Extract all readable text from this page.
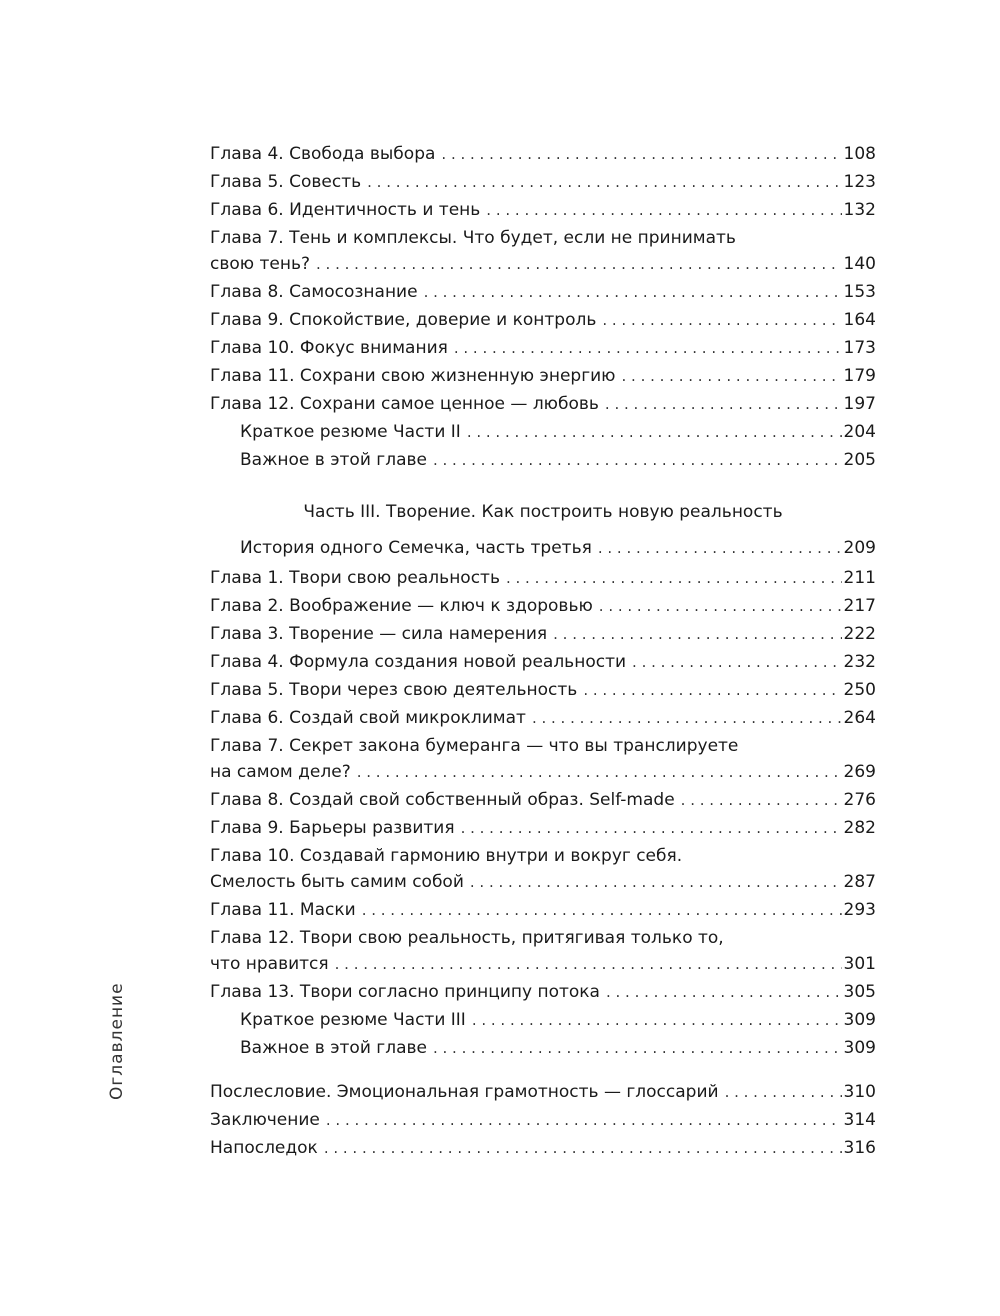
Часть III. Творение. Как построить новую реальность
Глава 4. Свобода выбора . . .	108
Глава 5. Совесть . . .	123
Глава 6. Идентичность и тень . . .	132
Глава 7. Тень и комплексы. Что будет, если не принимать
свою тень? . . .	140
Глава 8. Самосознание . . .	153
Глава 9. Спокойствие, доверие и контроль . . .	164
Глава 10. Фокус внимания . . .	173
Глава 11. Сохрани свою жизненную энергию . . .	179
Глава 12. Сохрани самое ценное — любовь . . .	197
Краткое резюме Части II . . .	204
Важное в этой главе . . .	205
История одного Семечка, часть третья . . .	209
Глава 1. Твори свою реальность . . .	211
Глава 2. Воображение — ключ к здоровью . . .	217
Глава 3. Творение — сила намерения . . .	222
Глава 4. Формула создания новой реальности . . .	232
Глава 5. Твори через свою деятельность . . .	250
Глава 6. Создай свой микроклимат . . .	264
Глава 7. Секрет закона бумеранга — что вы транслируете
на самом деле? . . .	269
Глава 8. Создай свой собственный образ. Self-made . . .	276
Глава 9. Барьеры развития . . .	282
Глава 10. Создавай гармонию внутри и вокруг себя.
Смелость быть самим собой . . .	287
Глава 11. Маски . . .	293
Глава 12. Твори свою реальность, притягивая только то,
что нравится . . .	301
Глава 13. Твори согласно принципу потока . . .	305
Краткое резюме Части III . . .	309
Важное в этой главе . . .	309
Послесловие. Эмоциональная грамотность — глоссарий . . .	310
Заключение . . .	314
Напоследок . . .	316
Оглавление
